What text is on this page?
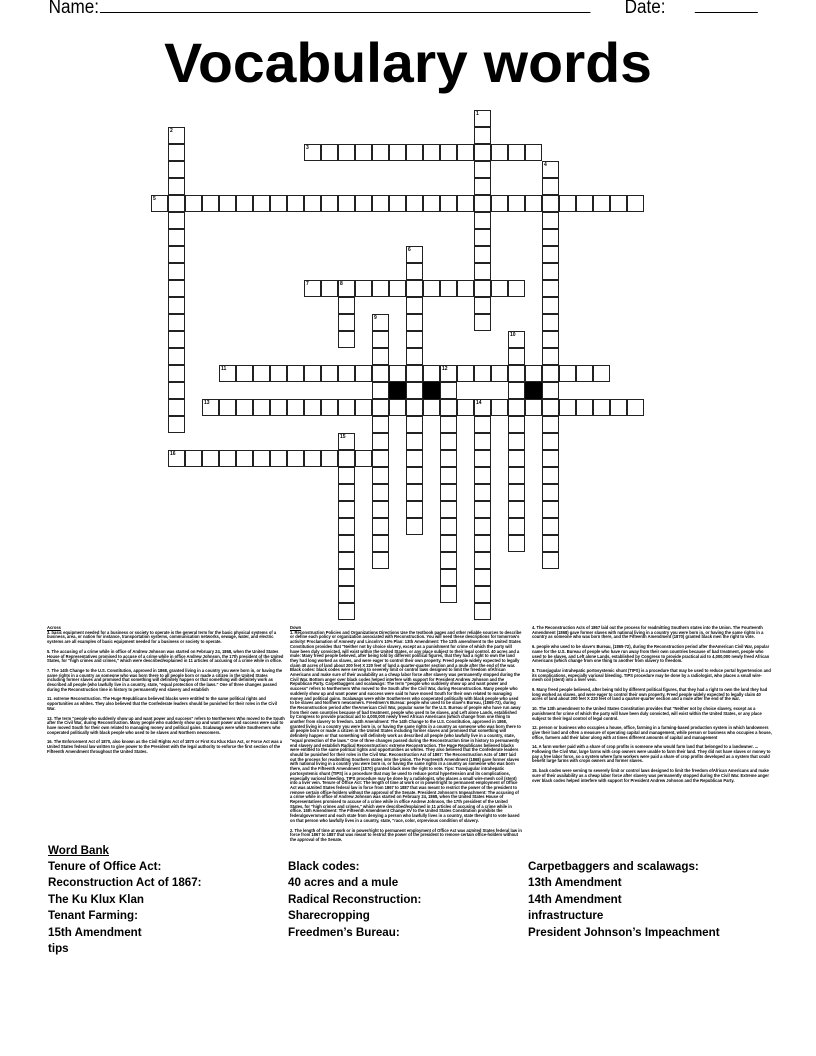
Name:	Date:
Vocabulary words
1
2
3
4
5
6
7	8
9
10
11	12
13	14
15
16

Across

3. basic equipment needed for a business or society to operate is the general term for the basic physical systems of a business, area, or nation for instance, transportation systems, communication networks, sewage, water, and electric systems are all examples of basic equipment needed for a business or society to operate.

5. The accusing of a crime while in office of Andrew Johnson was started on February 24, 1868, when the United States House of Representatives promised to accuse of a crime while in office Andrew Johnson, the 17th president of the United States, for "high crimes and crimes," which were described/explained in 11 articles of accusing of a crime while in office.

7. The 14th Change to the U.S. Constitution, approved in 1868, granted living in a country you were born in, or having the same rights in a country as someone who was born there to all people born or made a citizen in the United States including former slaves and promised that something will definitely happen or that something will definitely work as described all people (who lawfully live in a country, state, "equal protection of the laws." One of three changes passed during the Reconstruction time in history to permanently end slavery and establish

11. extreme Reconstruction. The Huge Republicans believed blacks were entitled to the same political rights and opportunities as whites. They also believed that the Confederate leaders should be punished for their roles in the Civil War.

13. The term "people who suddenly show up and want power and success" refers to Northerners Who moved to the South after the Civil War, during Reconstruction. Many people who suddenly show up and want power and success were said to have moved South for their own related to managing money and political gains. Scalawags were white Southerners who cooperated politically with black people who used to be slaves and Northern newcomers.

16. The Enforcement Act of 1870, also known as the Civil Rights Act of 1870 or First Ku Klux Klan Act, or Force Act was a United States federal law written to give power to the President with the legal authority to enforce the first section of the Fifteenth Amendment throughout the United States.

Down

1. Reconstruction Policies and Organizations Directions Use the textbook pages and other reliable sources to describe or define each policy or organization associated with Reconstruction. You will need these descriptions for tomorrow's activity! Proclamation of Amnesty and Lincoln's 10% Plan: 13th Amendment: The 13th amendment to the United States Constitution provides that "Neither not by choice slavery, except as a punishment for crime of which the party will have been duly convicted, will exist within the United States, or any place subject to their legal control. 40 acres and a mule: Many freed people believed, after being told by different political figures, that they had a right to own the land they had long worked as slaves, and were eager to control their own property. Freed people widely expected to legally claim 40 acres of land about 200 feet X 220 feet of land a quarter-quarter section and a mule after the end of the war. Black codes: black codes were serving to severely limit or control laws designed to limit the freedom ofAfrican Americans and make sure of their availability as a cheap labor force after slavery was permanently stopped during the Civil War. Bottom anger over black codes helped interfere with support for President Andrew Johnson and the Republican Party. Carpetbaggers and scalawags: The term "people who suddenly show up and want power and success" refers to Northerners Who moved to the South after the Civil War, during Reconstruction. Many people who suddenly show up and want power and success were said to have moved South for their own related to managing money and political gains. Scalawags were white Southerners who cooperated politically with black people who used to be slaves and Northern newcomers. Freedmen's Bureau: people who used to be slave's Bureau, (1865-72), during the Reconstruction period after theAmerican Civil War, popular name for the U.S. Bureau of people who have run away from their own countries because of bad treatment, people who used to be slaves, and Left alone Lands, established by Congress to provide practical aid to 4,000,000 newly freed African Americans (which change from one thing to another from slavery to freedom. 14th Amendment: The 14th Change to the U.S. Constitution, approved in 1868, granted living in a country you were born in, or having the same rights in a country as someone who was born there to all people born or made a citizen in the United States including former slaves and promised that something will definitely happen or that something will definitely work as described all people (who lawfully live in a country, state, "equal protection of the laws." One of three changes passed during the Reconstruction time in history to permanently end slavery and establish Radical Reconstruction: extreme Reconstruction. The Huge Republicans believed blacks were entitled to the same political rights and opportunities as whites. They also believed that the Confederate leaders should be punished for their roles in the Civil War. Reconstruction Act of 1867: The Reconstruction Acts of 1867 laid out the process for readmitting Southern states into the Union. The Fourteenth Amendment (1868) gave former slaves with national living in a country you were born in, or having the same rights in a country as someone who was born there, and the Fifteenth Amendment (1870) granted black men the right to vote. Tips: Transjugular intrahepatic portosystemic shunt (TIPS) is a procedure that may be used to reduce portal hypertension and its complications, especially variceal bleeding. TIPS procedure may be done by a radiologist, who places a small wire-mesh coil (stent) into a liver vein. Tenure of Office Act: The length of time at work or in power/right to permanent employment of Office Act was aUnited States federal law in force from 1867 to 1887 that was meant to restrict the power of the president to remove certain office-holders without the approval of the Senate. President Johnson's Impeachment: The accusing of a crime while in office of Andrew Johnson was started on February 24, 1868, when the United States House of Representatives promised to accuse of a crime while in office Andrew Johnson, the 17th president of the United States, for "high crimes and crimes," which were described/explained in 11 articles of accusing of a crime while in office. 15th Amendment: The Fifteenth Amendment Change XV to the United States Constitution prohibits the federalgovernment and each state from denying a person who lawfully lives in a country, state thevright to vote based on that person who lawfully lives in a country, state, "race, color, orprevious condition of slavery.

2. The length of time at work or in power/right to permanent employment of Office Act was aUnited States federal law in force from 1867 to 1887 that was meant to restrict the power of the president to remove certain office-holders without the approval of the Senate.

4. The Reconstruction Acts of 1867 laid out the process for readmitting Southern states into the Union. The Fourteenth Amendment (1868) gave former slaves with national living in a country you were born in, or having the same rights in a country as someone who was born there, and the Fifteenth Amendment (1870) granted black men the right to vote.

6. people who used to be slave's Bureau, (1865-72), during the Reconstruction period after theAmerican Civil War, popular name for the U.S. Bureau of people who have run away from their own countries because of bad treatment, people who used to be slaves, and Left alone Lands, established by Congress to provide practical aid to 4,000,000 newly freed African Americans (which change from one thing to another from slavery to freedom.

8. Transjugular intrahepatic portosystemic shunt (TIPS) is a procedure that may be used to reduce portal hypertension and its complications, especially variceal bleeding. TIPS procedure may be done by a radiologist, who places a small wire-mesh coil (stent) into a liver vein.

9. Many freed people believed, after being told by different political figures, that they had a right to own the land they had long worked as slaves, and were eager to control their own property. Freed people widely expected to legally claim 40 acres of land about 200 feet X 220 feet of land a quarter-quarter section and a mule after the end of the war.

10. The 13th amendment to the United States Constitution provides that "Neither not by choice slavery, except as a punishment for crime of which the party will have been duly convicted, will exist within the United States, or any place subject to their legal control of legal control.

12. person or business who occupies a house, office, farming in a farming-based production system in which landowners give their land and often a measure of operating capital and management, while person or business who occupies a house, office, farmers add their labor along with at times different amounts of capital and management

14. A farm worker paid with a share of crop profits is someone who would farm land that belonged to a landowner. ... Following the Civil War, large farms with crop owners were unable to farm their land. They did not have slaves or money to pay a free labor force, so a system where farm workers were paid a share of crop profits developed as a system that could benefit large farms with crops owners and former slaves.

15. back codes were serving to severely limit or control laws designed to limit the freedom ofAfrican Americans and make sure of their availability as a cheap labor force after slavery was permanently stopped during the Civil War. Extreme anger over black codes helped interfere with support for President Andrew Johnson and the Republican Party.

Word Bank
Tenure of Office Act:
Reconstruction Act of 1867:
The Ku Klux Klan
Tenant Farming:
15th Amendment
tips
Black codes:
40 acres and a mule
Radical Reconstruction:
Sharecropping
Freedmen’s Bureau:
Carpetbaggers and scalawags:
13th Amendment
14th Amendment
infrastructure
President Johnson’s Impeachment
